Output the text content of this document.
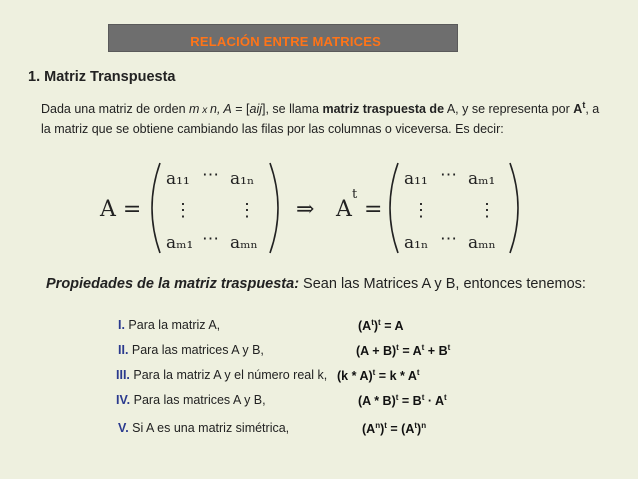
RELACIÓN ENTRE MATRICES
1. Matriz Transpuesta
Dada una matriz de orden m x n, A = [aij], se llama matriz traspuesta de A, y se representa por $A^t$, a la matriz que se obtiene cambiando las filas por las columnas o viceversa. Es decir:
A =
a₁₁ ⋯ a₁ₙ
⋮	⋮
aₘ₁ ⋯ aₘₙ
⇒ A
t
=
a₁₁ ⋯ aₘ₁
⋮	⋮
a₁ₙ ⋯ aₘₙ
Propiedades de la matriz traspuesta: Sean las Matrices A y B, entonces tenemos:
I. Para la matriz A,	$(A^t)^t = A$
II. Para las matrices A y B,	$(A + B)^t = A^t + B^t$
III. Para la matriz A y el número real k, $(k * A)^t = k * A^t$
IV. Para las matrices A y B,	$(A * B)^t = B^t \cdot A^t$
V. Si A es una matriz simétrica,	$(A^n)^t = (A^t)^n$
